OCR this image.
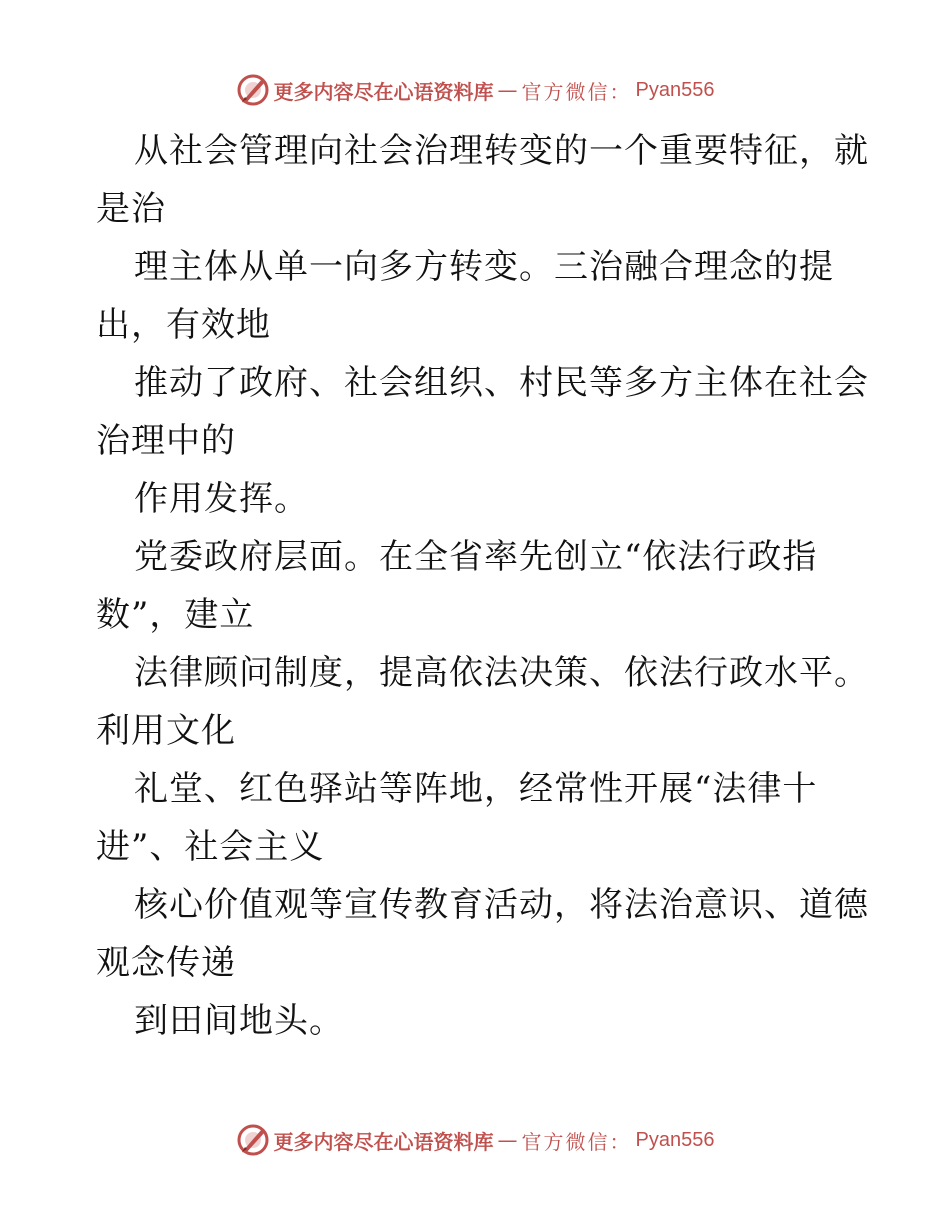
更多内容尽在心语资料库 — 官方微信： Pyan556
从社会管理向社会治理转变的一个重要特征，就
是治
理主体从单一向多方转变。三治融合理念的提
出，有效地
推动了政府、社会组织、村民等多方主体在社会
治理中的
作用发挥。
党委政府层面。在全省率先创立“依法行政指
数”，建立
法律顾问制度，提高依法决策、依法行政水平。
利用文化
礼堂、红色驿站等阵地，经常性开展“法律十
进”、社会主义
核心价值观等宣传教育活动，将法治意识、道德
观念传递
到田间地头。
更多内容尽在心语资料库 — 官方微信： Pyan556
